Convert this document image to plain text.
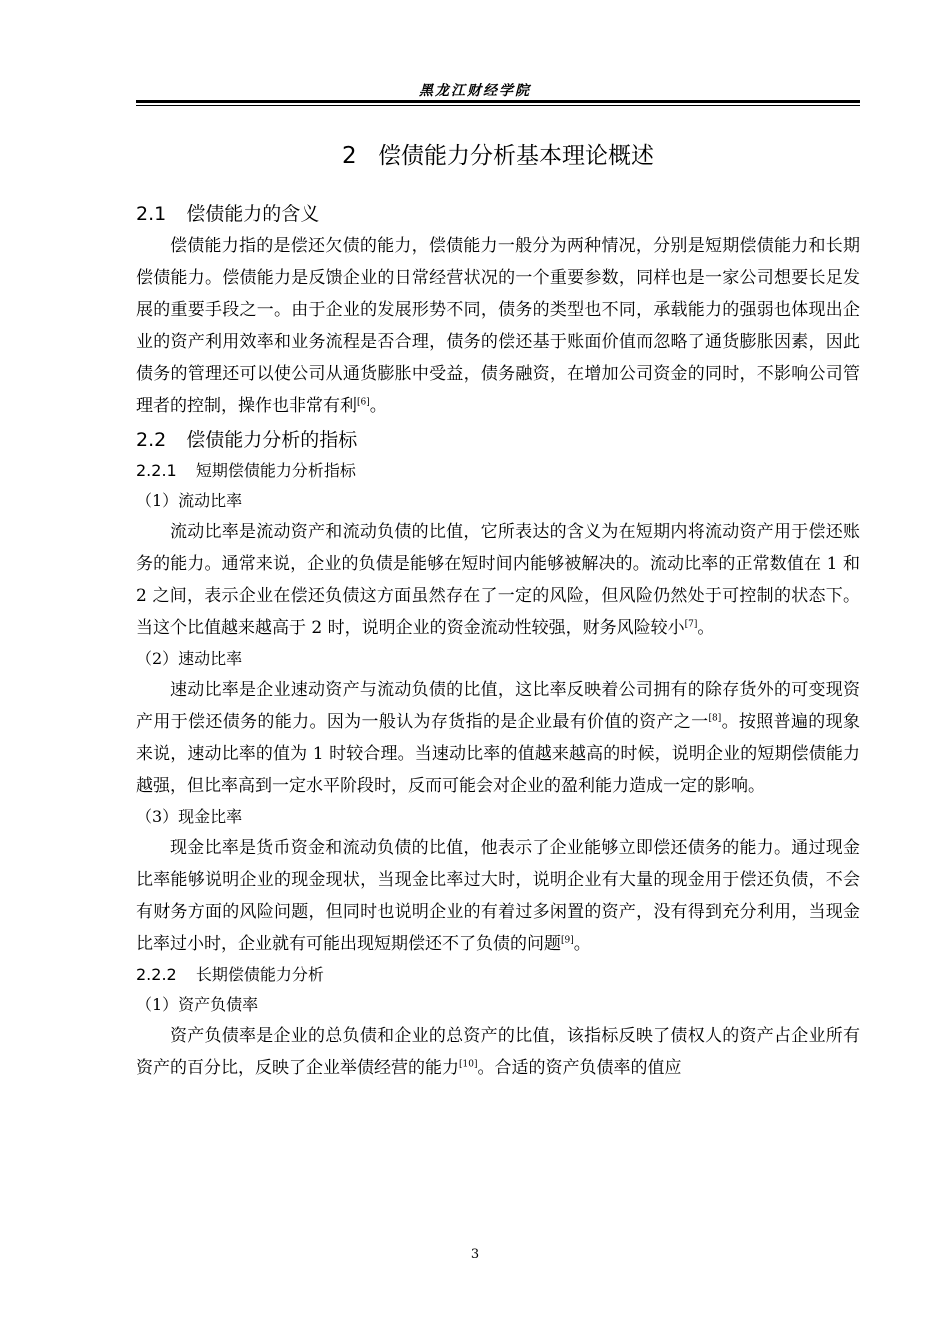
黑龙江财经学院
2 偿债能力分析基本理论概述
2.1 偿债能力的含义

偿债能力指的是偿还欠债的能力，偿债能力一般分为两种情况，分别是短期偿债能力和长期偿债能力。偿债能力是反馈企业的日常经营状况的一个重要参数，同样也是一家公司想要长足发展的重要手段之一。由于企业的发展形势不同，债务的类型也不同，承载能力的强弱也体现出企业的资产利用效率和业务流程是否合理，债务的偿还基于账面价值而忽略了通货膨胀因素，因此债务的管理还可以使公司从通货膨胀中受益，债务融资，在增加公司资金的同时，不影响公司管理者的控制，操作也非常有利[6]。

2.2 偿债能力分析的指标
2.2.1 短期偿债能力分析指标
（1）流动比率

流动比率是流动资产和流动负债的比值，它所表达的含义为在短期内将流动资产用于偿还账务的能力。通常来说，企业的负债是能够在短时间内能够被解决的。流动比率的正常数值在 1 和 2 之间，表示企业在偿还负债这方面虽然存在了一定的风险，但风险仍然处于可控制的状态下。当这个比值越来越高于 2 时，说明企业的资金流动性较强，财务风险较小[7]。

（2）速动比率

速动比率是企业速动资产与流动负债的比值，这比率反映着公司拥有的除存货外的可变现资产用于偿还债务的能力。因为一般认为存货指的是企业最有价值的资产之一[8]。按照普遍的现象来说，速动比率的值为 1 时较合理。当速动比率的值越来越高的时候，说明企业的短期偿债能力越强，但比率高到一定水平阶段时，反而可能会对企业的盈利能力造成一定的影响。

（3）现金比率

现金比率是货币资金和流动负债的比值，他表示了企业能够立即偿还债务的能力。通过现金比率能够说明企业的现金现状，当现金比率过大时，说明企业有大量的现金用于偿还负债，不会有财务方面的风险问题，但同时也说明企业的有着过多闲置的资产，没有得到充分利用，当现金比率过小时，企业就有可能出现短期偿还不了负债的问题[9]。

2.2.2 长期偿债能力分析
（1）资产负债率

资产负债率是企业的总负债和企业的总资产的比值，该指标反映了债权人的资产占企业所有资产的百分比，反映了企业举债经营的能力[10]。合适的资产负债率的值应

3
